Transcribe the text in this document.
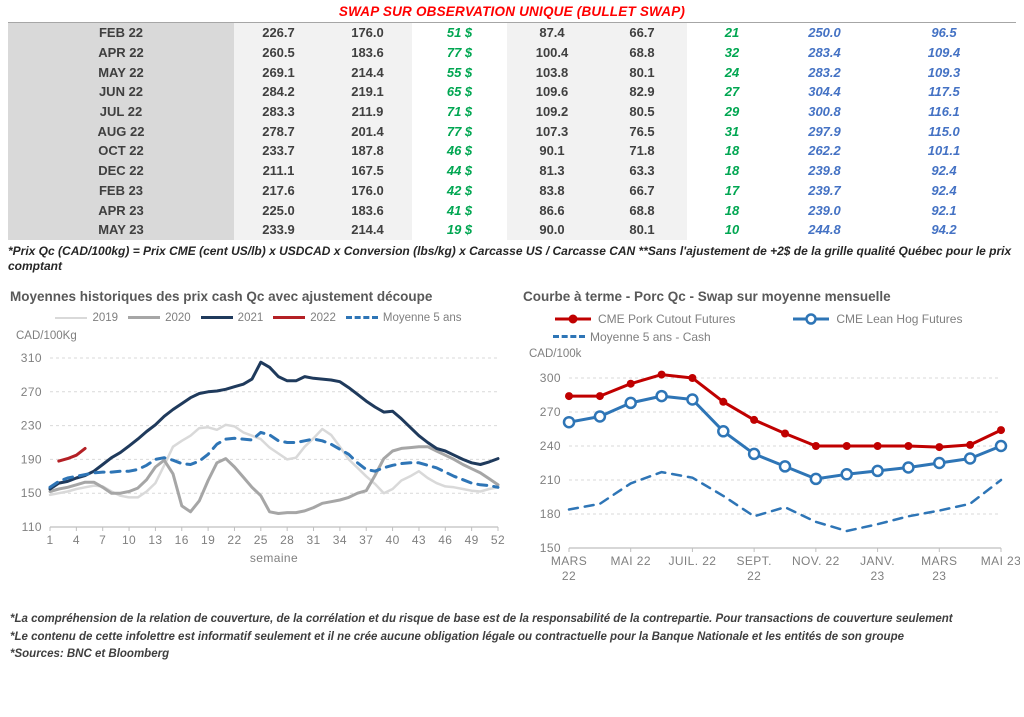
SWAP SUR OBSERVATION UNIQUE (BULLET SWAP)
FEB 22	226.7	176.0	51 $	87.4	66.7	21	250.0	96.5
APR 22	260.5	183.6	77 $	100.4	68.8	32	283.4	109.4
MAY 22	269.1	214.4	55 $	103.8	80.1	24	283.2	109.3
JUN 22	284.2	219.1	65 $	109.6	82.9	27	304.4	117.5
JUL 22	283.3	211.9	71 $	109.2	80.5	29	300.8	116.1
AUG 22	278.7	201.4	77 $	107.3	76.5	31	297.9	115.0
OCT 22	233.7	187.8	46 $	90.1	71.8	18	262.2	101.1
DEC 22	211.1	167.5	44 $	81.3	63.3	18	239.8	92.4
FEB 23	217.6	176.0	42 $	83.8	66.7	17	239.7	92.4
APR 23	225.0	183.6	41 $	86.6	68.8	18	239.0	92.1
MAY 23	233.9	214.4	19 $	90.0	80.1	10	244.8	94.2
*Prix Qc (CAD/100kg) = Prix CME (cent US/lb) x USDCAD x Conversion (lbs/kg) x Carcasse US / Carcasse CAN **Sans l'ajustement de +2$ de la grille qualité Québec pour le prix comptant
Moyennes historiques des prix cash Qc avec ajustement découpe
2019	2020	2021	2022	Moyenne 5 ans
CAD/100Kg
110
150
190
230
270
310
1 4 7 10 13 16 19 22 25 28 31 34 37 40 43 46 49 52
semaine
Courbe à terme - Porc Qc - Swap sur moyenne mensuelle
CME Pork Cutout Futures	CME Lean Hog Futures
Moyenne 5 ans - Cash
CAD/100k
150
180
210
240
270
300
MARS
22
MAI 22 JUIL. 22 SEPT.
22
NOV. 22 JANV.
23
MARS
23
MAI 23
*La compréhension de la relation de couverture, de la corrélation et du risque de base est de la responsabilité de la contrepartie. Pour transactions de couverture seulement
*Le contenu de cette infolettre est informatif seulement et il ne crée aucune obligation légale ou contractuelle pour la Banque Nationale et les entités de son groupe
*Sources: BNC et Bloomberg
